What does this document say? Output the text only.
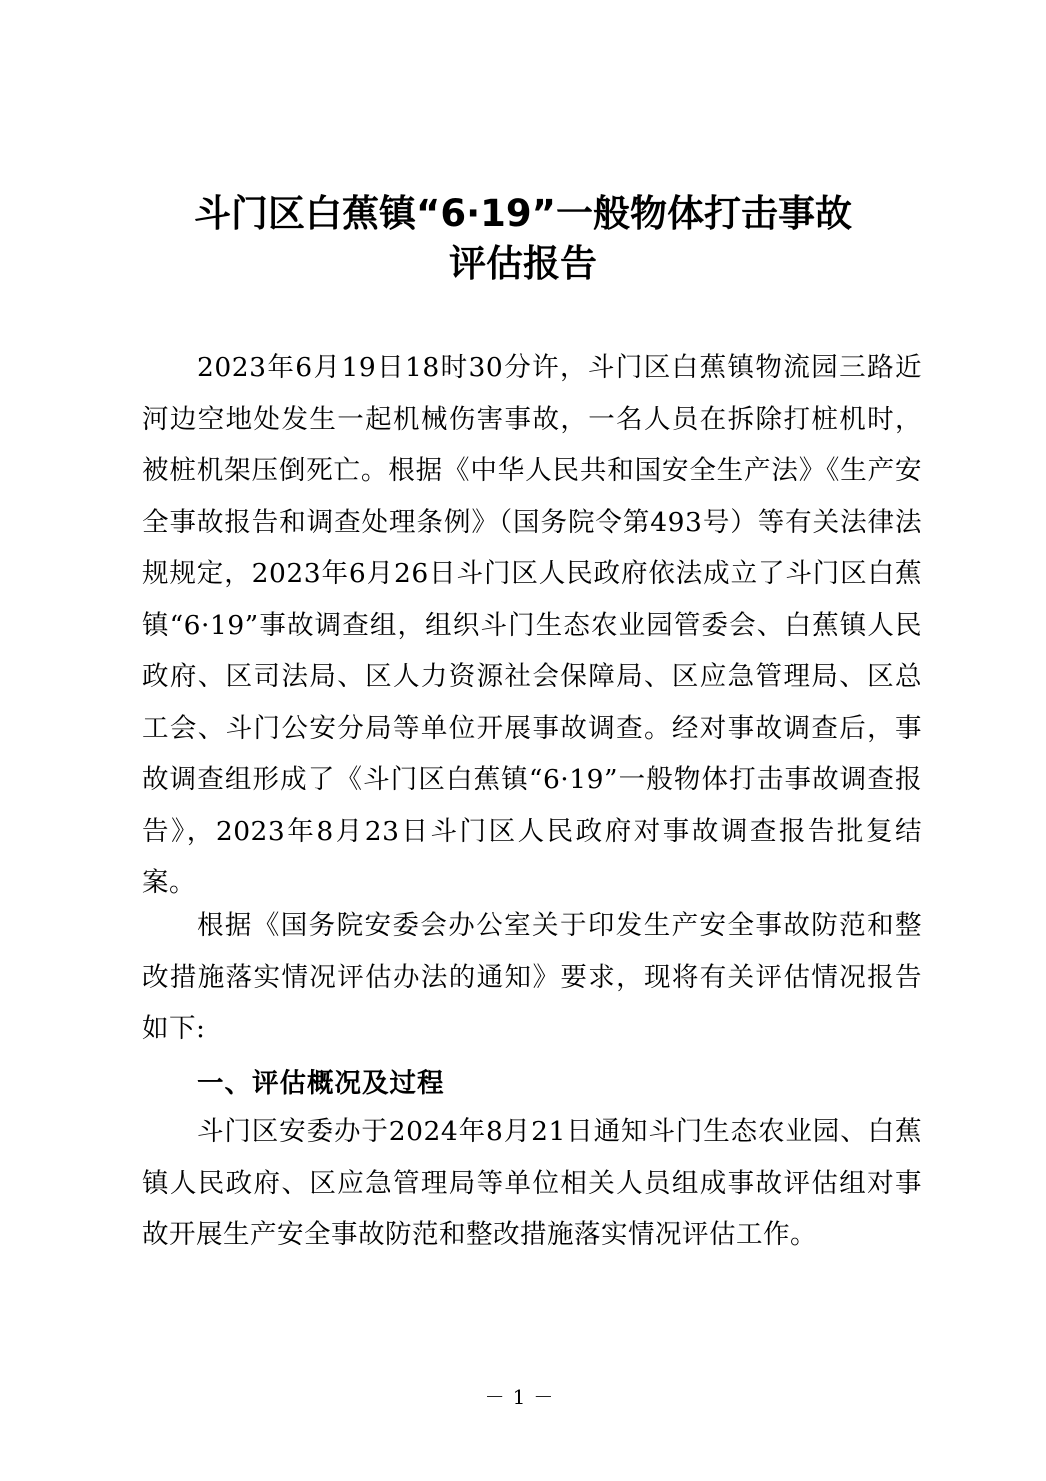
斗门区白蕉镇“6·19”一般物体打击事故
评估报告
2023年6月19日18时30分许，斗门区白蕉镇物流园三路近河边空地处发生一起机械伤害事故，一名人员在拆除打桩机时，被桩机架压倒死亡。根据《中华人民共和国安全生产法》《生产安全事故报告和调查处理条例》（国务院令第493号）等有关法律法规规定，2023年6月26日斗门区人民政府依法成立了斗门区白蕉镇“6·19”事故调查组，组织斗门生态农业园管委会、白蕉镇人民政府、区司法局、区人力资源社会保障局、区应急管理局、区总工会、斗门公安分局等单位开展事故调查。经对事故调查后，事故调查组形成了《斗门区白蕉镇“6·19”一般物体打击事故调查报告》，2023年8月23日斗门区人民政府对事故调查报告批复结案。
根据《国务院安委会办公室关于印发生产安全事故防范和整改措施落实情况评估办法的通知》要求，现将有关评估情况报告如下:
一、评估概况及过程
斗门区安委办于2024年8月21日通知斗门生态农业园、白蕉镇人民政府、区应急管理局等单位相关人员组成事故评估组对事故开展生产安全事故防范和整改措施落实情况评估工作。
－1－
